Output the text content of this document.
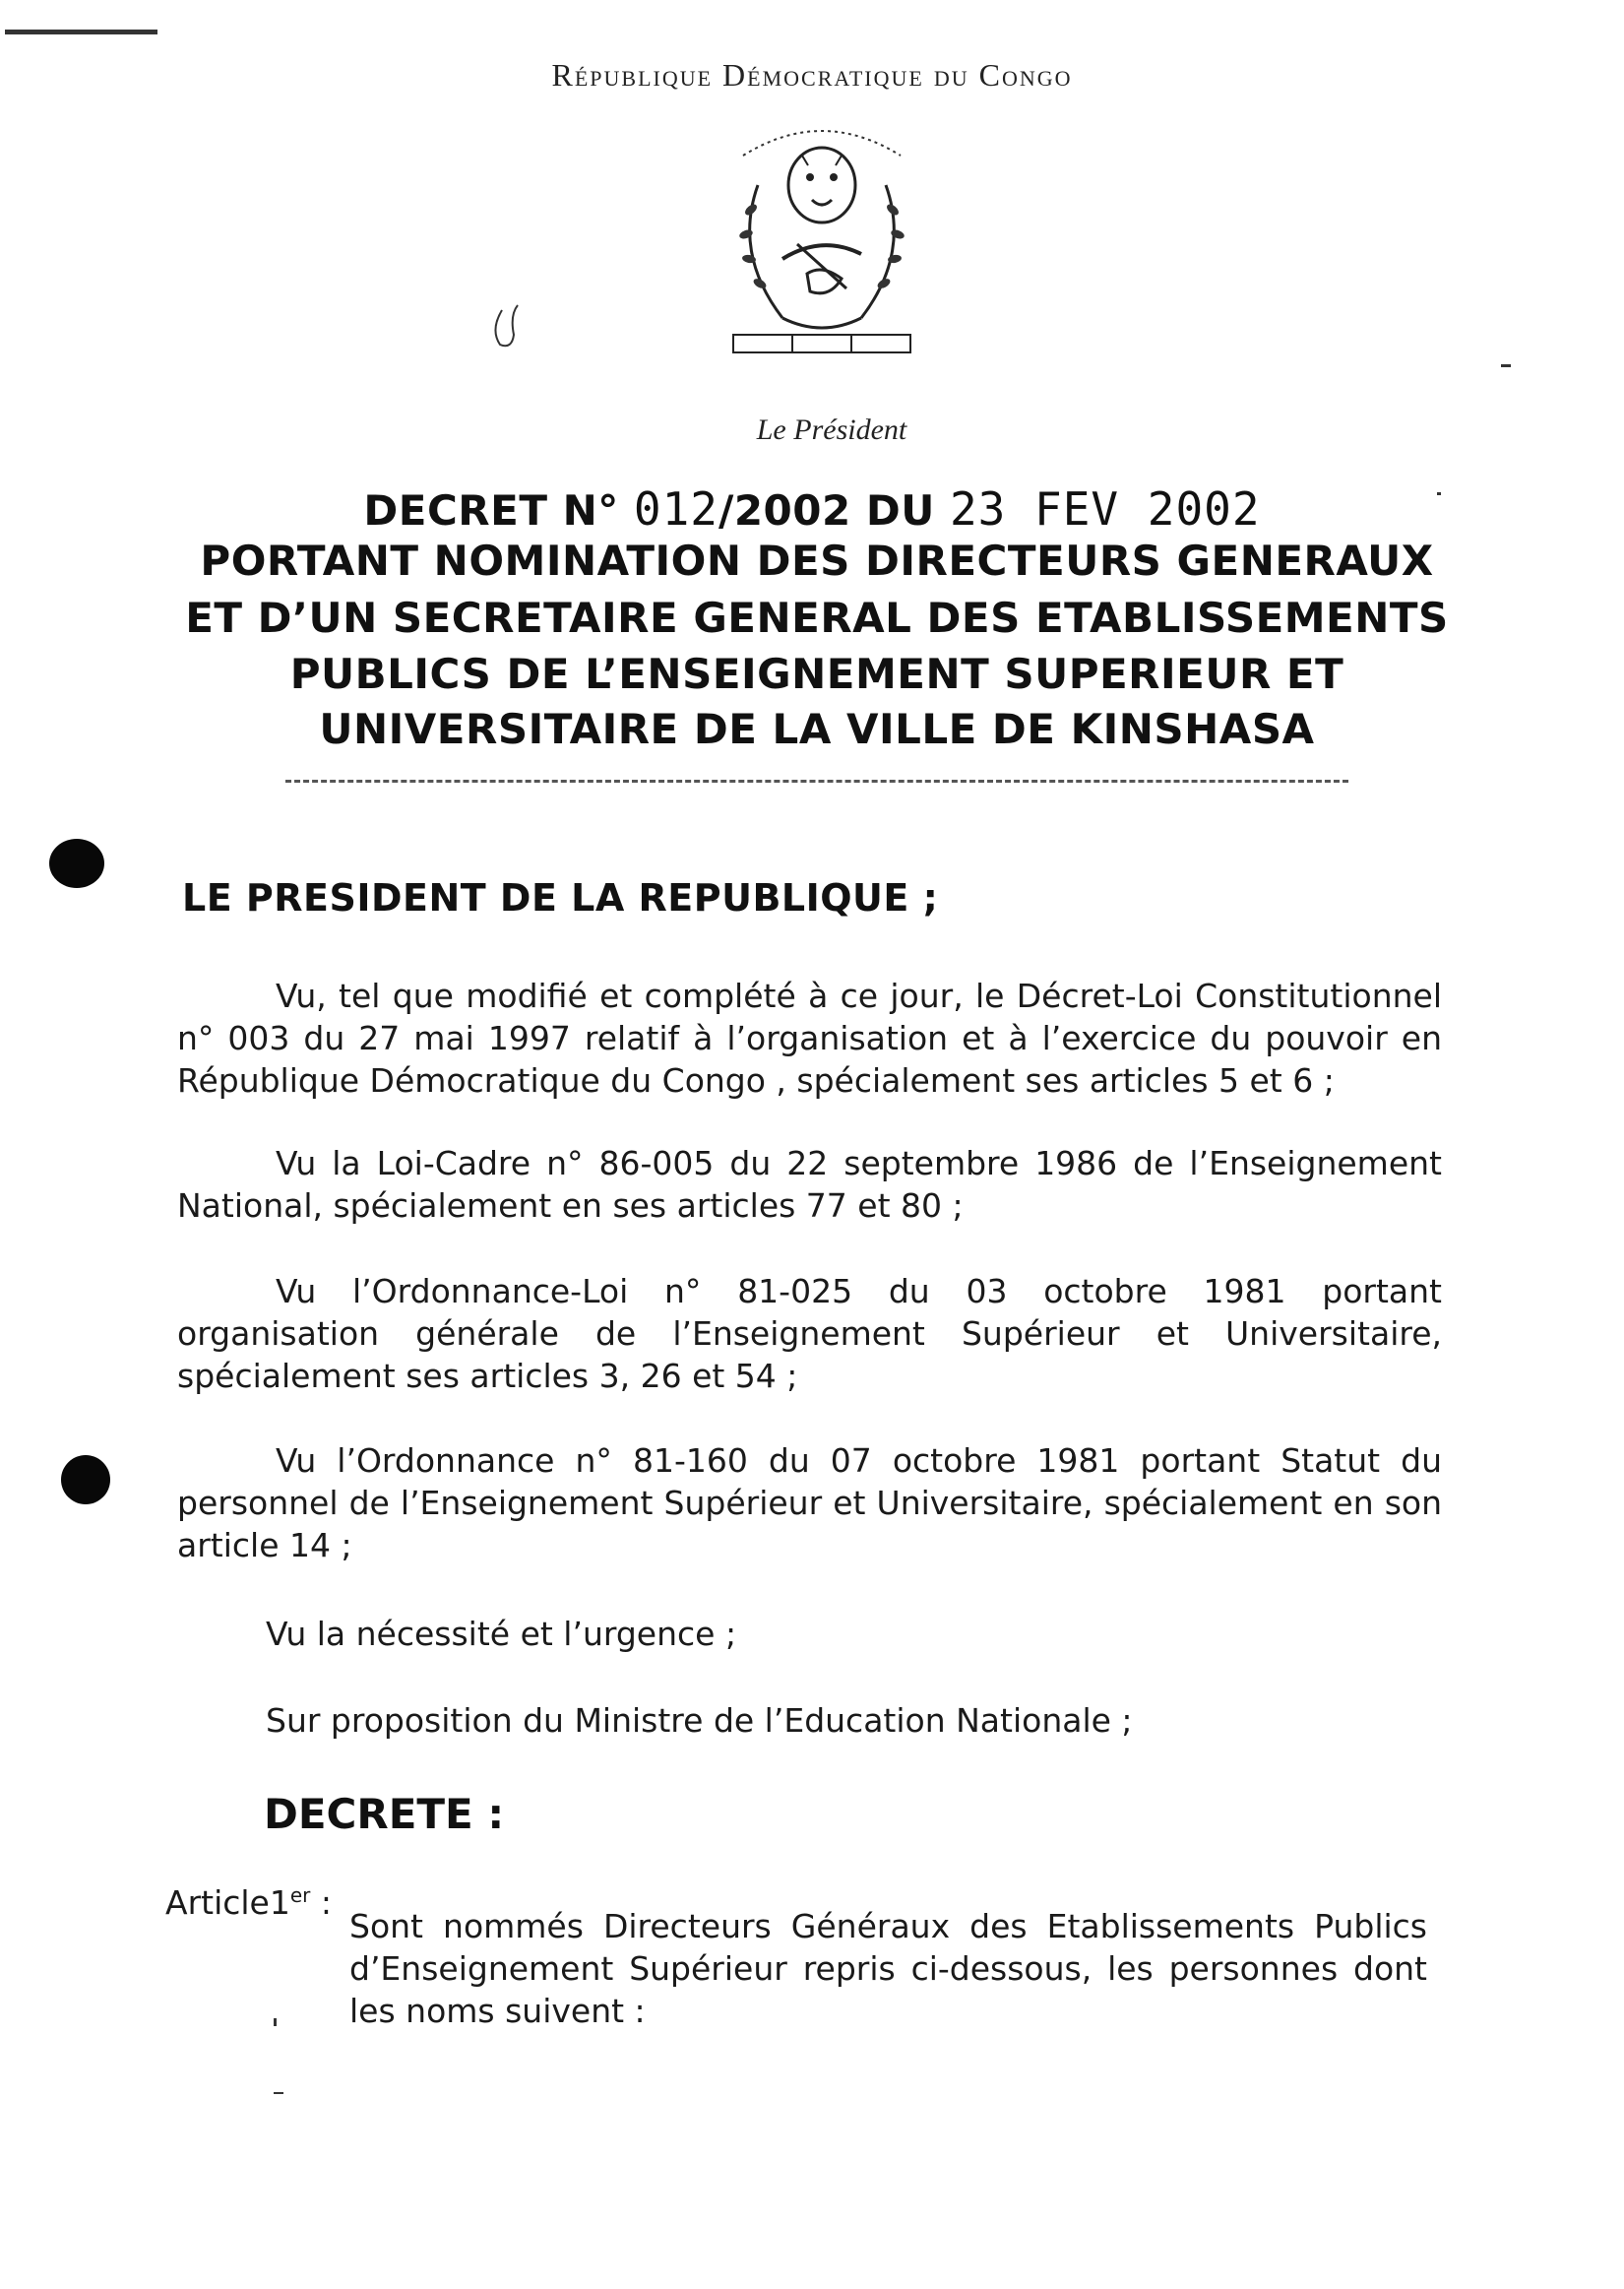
République Démocratique du Congo
Le Président
DECRET N° 012/2002 DU 23 FEV 2002
PORTANT NOMINATION DES DIRECTEURS GENERAUX
ET D’UN SECRETAIRE GENERAL DES ETABLISSEMENTS
PUBLICS DE L’ENSEIGNEMENT SUPERIEUR ET
UNIVERSITAIRE DE LA VILLE DE KINSHASA
LE PRESIDENT DE LA REPUBLIQUE ;
Vu, tel que modifié et complété à ce jour, le Décret-Loi Constitutionnel n° 003 du 27 mai 1997 relatif à l’organisation et à l’exercice du pouvoir en République Démocratique du Congo , spécialement ses articles 5 et 6 ;
Vu la Loi-Cadre n° 86-005 du 22 septembre 1986 de l’Enseignement National, spécialement en ses articles 77 et 80 ;
Vu l’Ordonnance-Loi n° 81-025 du 03 octobre 1981 portant organisation générale de l’Enseignement Supérieur et Universitaire, spécialement ses articles 3, 26 et 54 ;
Vu l’Ordonnance n° 81-160 du 07 octobre 1981 portant Statut du personnel de l’Enseignement Supérieur et Universitaire, spécialement en son article 14 ;
Vu la nécessité et l’urgence ;
Sur proposition du Ministre de l’Education Nationale ;
DECRETE :
Article1er :
Sont nommés Directeurs Généraux des Etablissements Publics d’Enseignement Supérieur repris ci-dessous, les personnes dont les noms suivent :
